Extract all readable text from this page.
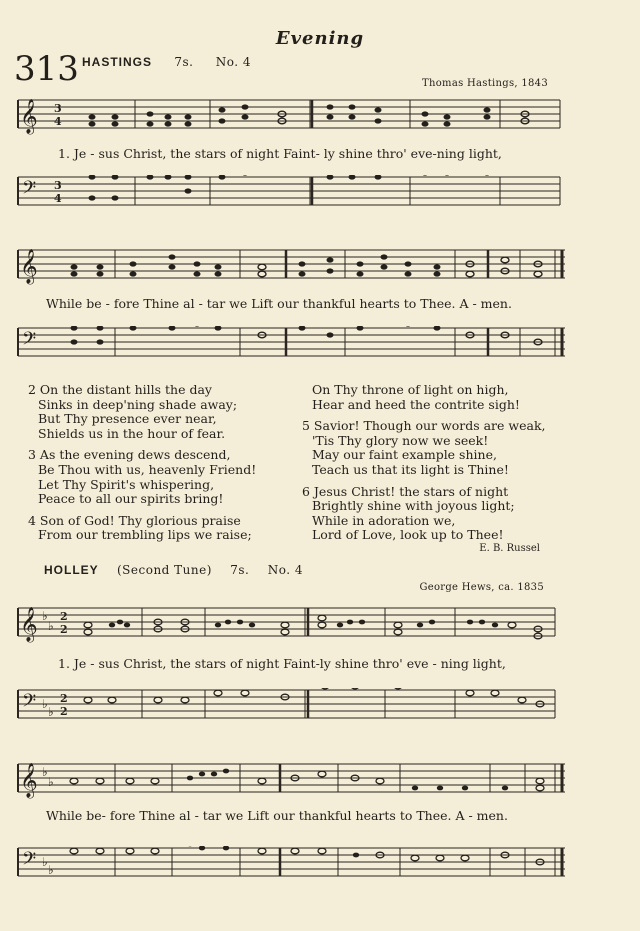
Evening
313 HASTINGS 7s. No. 4
Thomas Hastings, 1843
𝄞 3
4
1. Je - sus Christ, the stars of night Faint- ly shine thro' eve-ning light,
𝄢 3
4
𝄞
While be - fore Thine al - tar we Lift our thankful hearts to Thee. A - men.
𝄢
2 On the distant hills the day
Sinks in deep'ning shade away;
But Thy presence ever near,
Shields us in the hour of fear.
3 As the evening dews descend,
Be Thou with us, heavenly Friend!
Let Thy Spirit's whispering,
Peace to all our spirits bring!
4 Son of God! Thy glorious praise
From our trembling lips we raise;
On Thy throne of light on high,
Hear and heed the contrite sigh!
5 Savior! Though our words are weak,
'Tis Thy glory now we seek!
May our faint example shine,
Teach us that its light is Thine!
6 Jesus Christ! the stars of night
Brightly shine with joyous light;
While in adoration we,
Lord of Love, look up to Thee!
E. B. Russel
HOLLEY (Second Tune) 7s. No. 4
George Hews, ca. 1835
𝄞 ♭
♭
2
2
1. Je - sus Christ, the stars of night Faint-ly shine thro' eve - ning light,
𝄢 ♭
♭
2
2
𝄞 ♭
♭
While be- fore Thine al - tar we Lift our thankful hearts to Thee. A - men.
𝄢 ♭
♭
